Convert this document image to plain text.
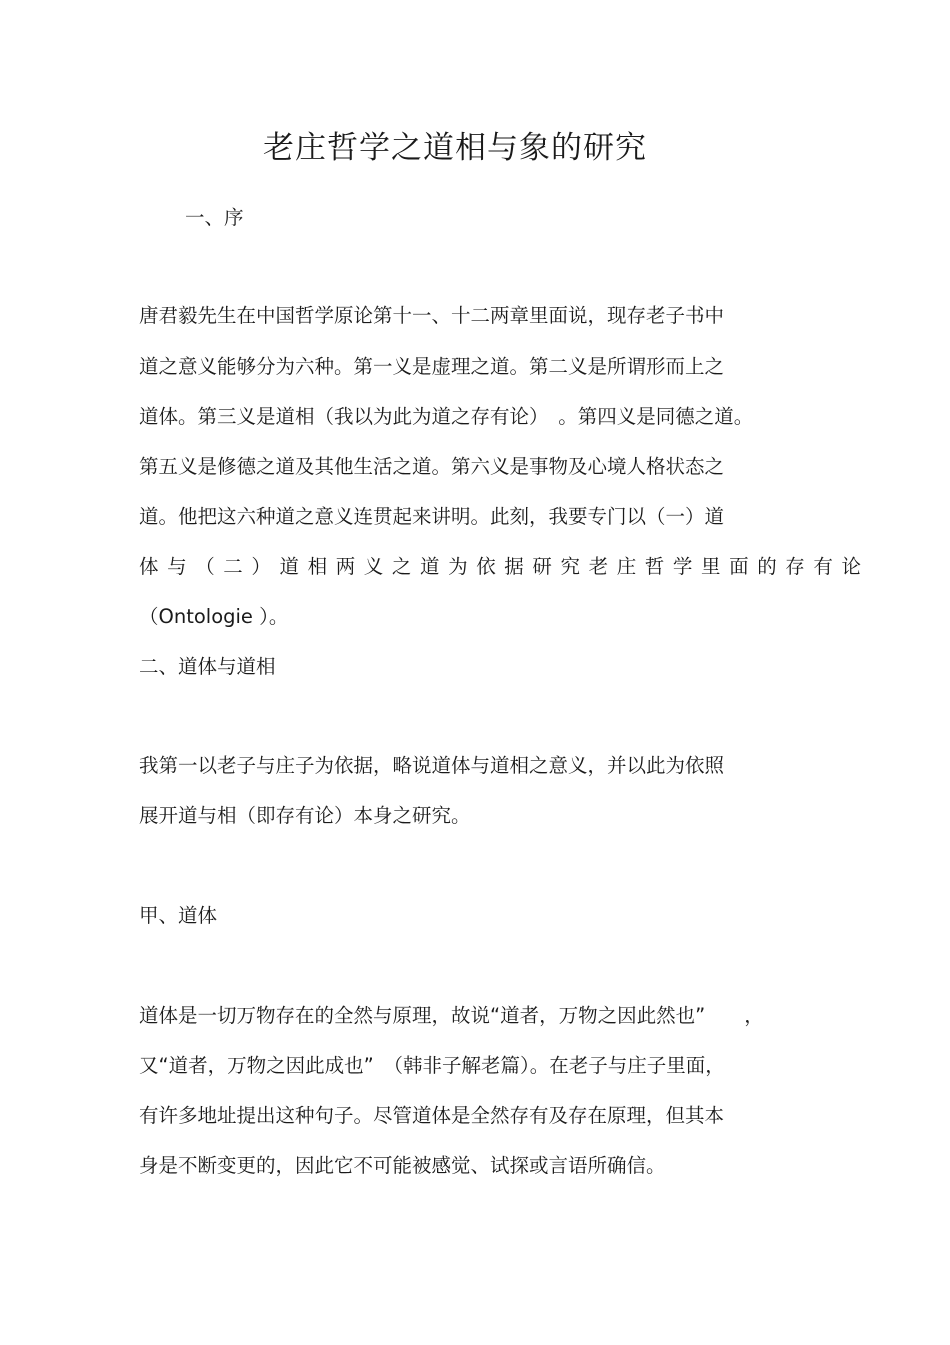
老庄哲学之道相与象的研究
一、序
唐君毅先生在中国哲学原论第十一、十二两章里面说，现存老子书中
道之意义能够分为六种。第一义是虚理之道。第二义是所谓形而上之
道体。第三义是道相（我以为此为道之存有论）　。第四义是同德之道。
第五义是修德之道及其他生活之道。第六义是事物及心境人格状态之
道。他把这六种道之意义连贯起来讲明。此刻，我要专门以（一）道
体与（二）道相两义之道为依据研究老庄哲学里面的存有论
（Ontologie ）。
二、道体与道相
我第一以老子与庄子为依据，略说道体与道相之意义，并以此为依照
展开道与相（即存有论）本身之研究。
甲、道体
道体是一切万物存在的全然与原理，故说“道者，万物之因此然也”　　，
又“道者，万物之因此成也”　（韩非子解老篇）。在老子与庄子里面，
有许多地址提出这种句子。尽管道体是全然存有及存在原理，但其本
身是不断变更的，因此它不可能被感觉、试探或言语所确信。
